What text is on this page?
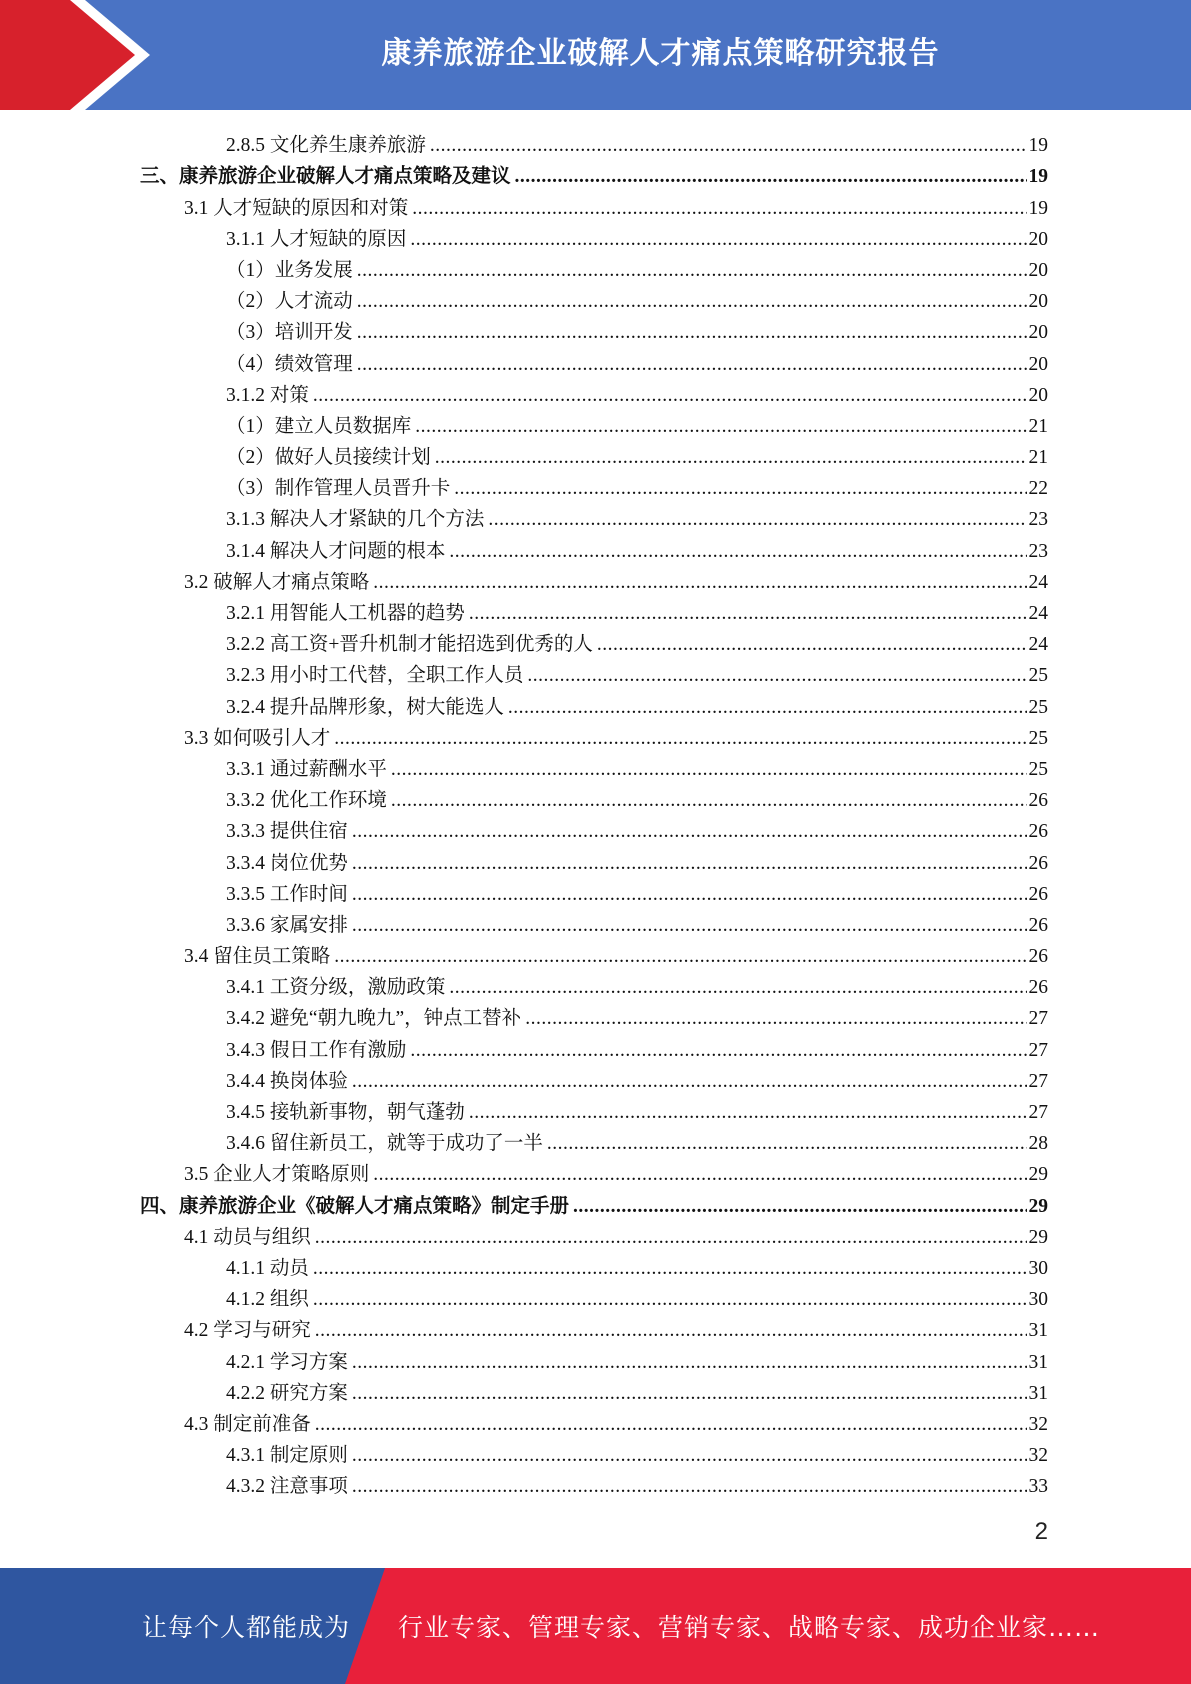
康养旅游企业破解人才痛点策略研究报告
2.8.5 文化养生康养旅游 .....	19
三、康养旅游企业破解人才痛点策略及建议 .....	19
3.1 人才短缺的原因和对策 .....	19
3.1.1 人才短缺的原因 .....	20
（1）业务发展 .....	20
（2）人才流动 .....	20
（3）培训开发 .....	20
（4）绩效管理 .....	20
3.1.2 对策 .....	20
（1）建立人员数据库 .....	21
（2）做好人员接续计划 .....	21
（3）制作管理人员晋升卡 .....	22
3.1.3 解决人才紧缺的几个方法 .....	23
3.1.4 解决人才问题的根本 .....	23
3.2 破解人才痛点策略 .....	24
3.2.1 用智能人工机器的趋势 .....	24
3.2.2 高工资+晋升机制才能招选到优秀的人 .....	24
3.2.3 用小时工代替，全职工作人员 .....	25
3.2.4 提升品牌形象，树大能选人 .....	25
3.3 如何吸引人才 .....	25
3.3.1 通过薪酬水平 .....	25
3.3.2 优化工作环境 .....	26
3.3.3 提供住宿 .....	26
3.3.4 岗位优势 .....	26
3.3.5 工作时间 .....	26
3.3.6 家属安排 .....	26
3.4 留住员工策略 .....	26
3.4.1 工资分级，激励政策 .....	26
3.4.2 避免“朝九晚九”，钟点工替补 .....	27
3.4.3 假日工作有激励 .....	27
3.4.4 换岗体验 .....	27
3.4.5 接轨新事物，朝气蓬勃 .....	27
3.4.6 留住新员工，就等于成功了一半 .....	28
3.5 企业人才策略原则 .....	29
四、康养旅游企业《破解人才痛点策略》制定手册 .....	29
4.1 动员与组织 .....	29
4.1.1 动员 .....	30
4.1.2 组织 .....	30
4.2 学习与研究 .....	31
4.2.1 学习方案 .....	31
4.2.2 研究方案 .....	31
4.3 制定前准备 .....	32
4.3.1 制定原则 .....	32
4.3.2 注意事项 .....	33
2
让每个人都能成为 行业专家、管理专家、营销专家、战略专家、成功企业家……
